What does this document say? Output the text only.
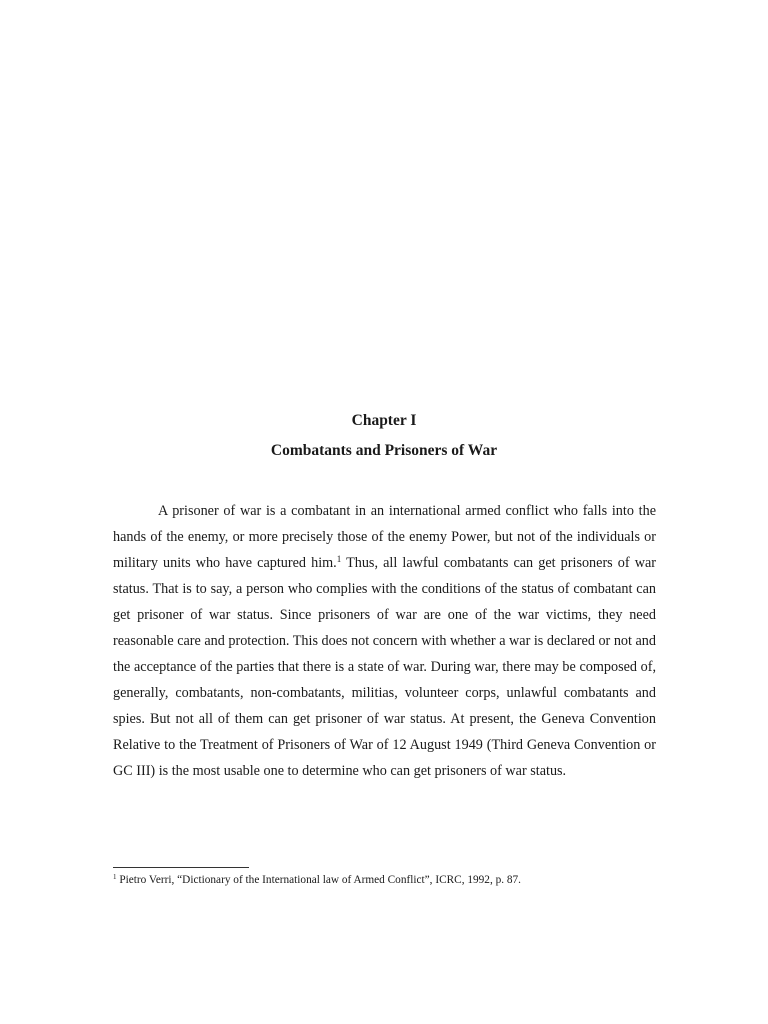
Chapter I
Combatants and Prisoners of War

A prisoner of war is a combatant in an international armed conflict who falls into the hands of the enemy, or more precisely those of the enemy Power, but not of the individuals or military units who have captured him.$^1$ Thus, all lawful combatants can get prisoners of war status. That is to say, a person who complies with the conditions of the status of combatant can get prisoner of war status. Since prisoners of war are one of the war victims, they need reasonable care and protection. This does not concern with whether a war is declared or not and the acceptance of the parties that there is a state of war. During war, there may be composed of, generally, combatants, non-combatants, militias, volunteer corps, unlawful combatants and spies. But not all of them can get prisoner of war status. At present, the Geneva Convention Relative to the Treatment of Prisoners of War of 12 August 1949 (Third Geneva Convention or GC III) is the most usable one to determine who can get prisoners of war status.

$^1$ Pietro Verri, “Dictionary of the International law of Armed Conflict”, ICRC, 1992, p. 87.
